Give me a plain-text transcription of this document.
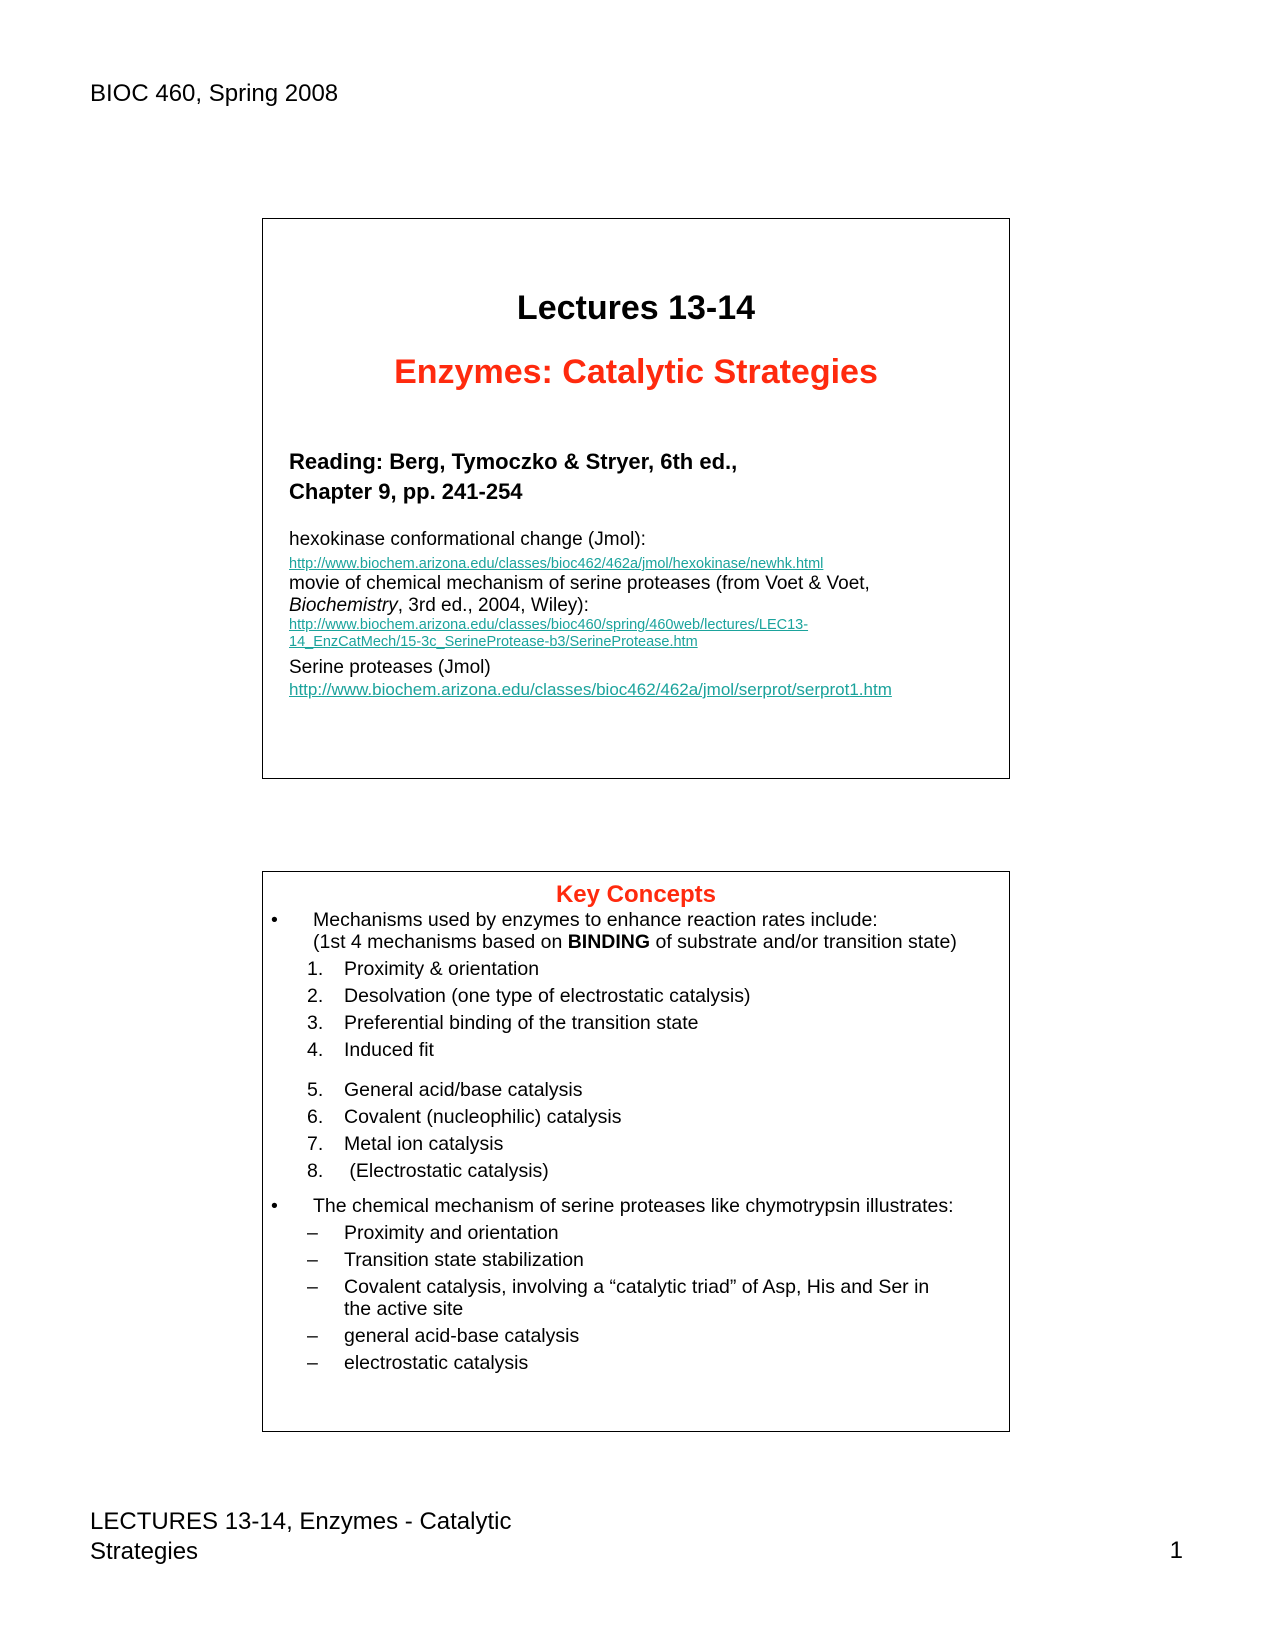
BIOC 460, Spring 2008
Lectures 13-14
Enzymes: Catalytic Strategies
Reading: Berg, Tymoczko & Stryer, 6th ed.,
Chapter 9, pp. 241-254
hexokinase conformational change (Jmol):
http://www.biochem.arizona.edu/classes/bioc462/462a/jmol/hexokinase/newhk.html
movie of chemical mechanism of serine proteases (from Voet & Voet,
Biochemistry, 3rd ed., 2004, Wiley):
http://www.biochem.arizona.edu/classes/bioc460/spring/460web/lectures/LEC13-
14_EnzCatMech/15-3c_SerineProtease-b3/SerineProtease.htm
Serine proteases (Jmol)
http://www.biochem.arizona.edu/classes/bioc462/462a/jmol/serprot/serprot1.htm
Key Concepts
• Mechanisms used by enzymes to enhance reaction rates include:
(1st 4 mechanisms based on BINDING of substrate and/or transition state)
1. Proximity & orientation
2. Desolvation (one type of electrostatic catalysis)
3. Preferential binding of the transition state
4. Induced fit
5. General acid/base catalysis
6. Covalent (nucleophilic) catalysis
7. Metal ion catalysis
8. (Electrostatic catalysis)
• The chemical mechanism of serine proteases like chymotrypsin illustrates:
– Proximity and orientation
– Transition state stabilization
– Covalent catalysis, involving a “catalytic triad” of Asp, His and Ser in the active site
– general acid-base catalysis
– electrostatic catalysis
LECTURES 13-14, Enzymes - Catalytic
Strategies	1
